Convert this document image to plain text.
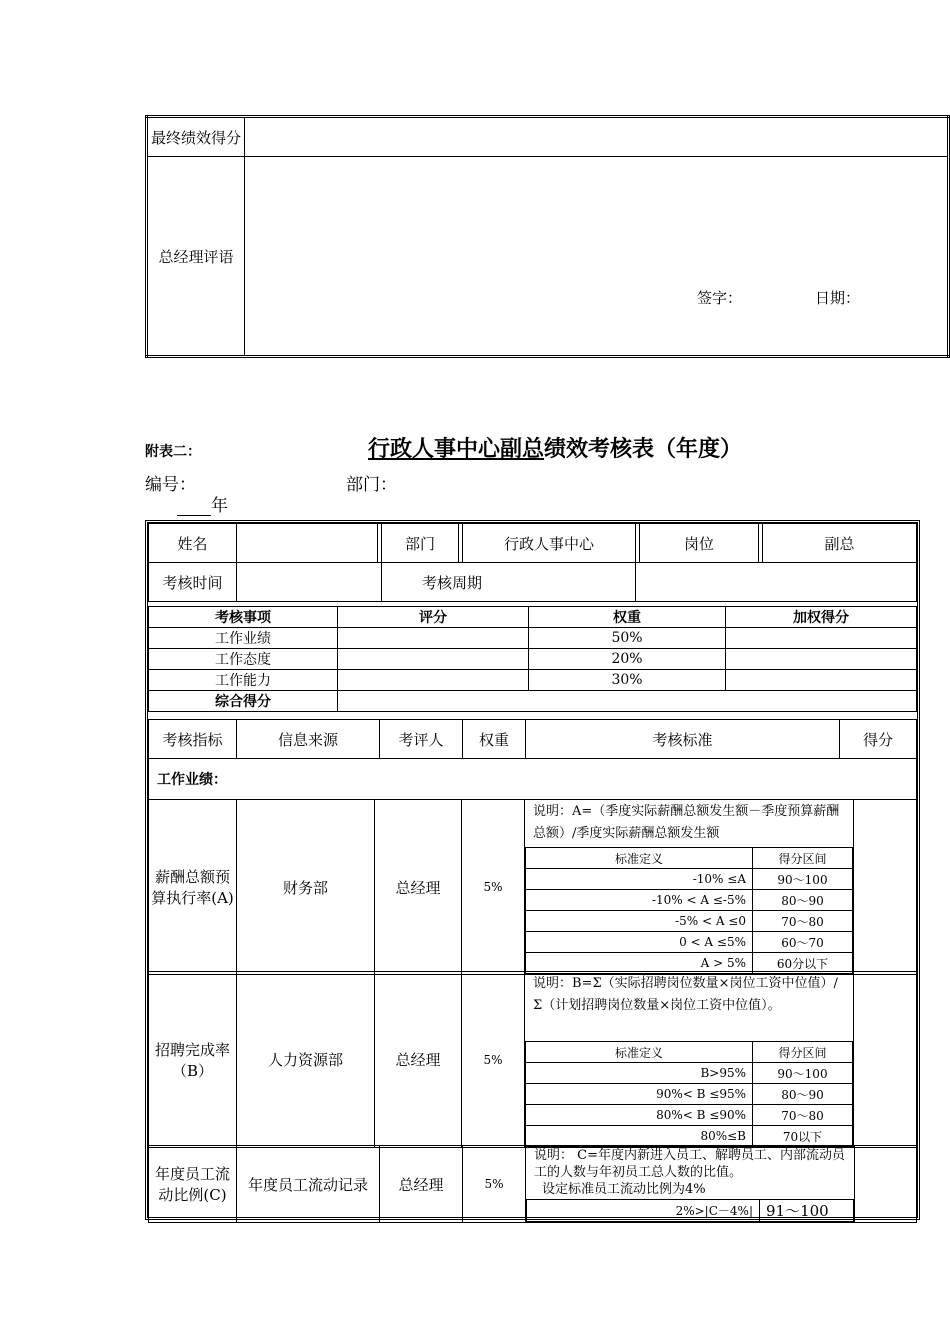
最终绩效得分	
总经理评语	签字： 日期：
附表二：	行政人事中心副总绩效考核表（年度）
编号：	部门：
年
姓名			部门		行政人事中心		岗位		副总
考核时间			考核周期						
考核事项	评分	权重	加权得分
工作业绩		50%	
工作态度		20%	
工作能力		30%	
综合得分			
考核指标	信息来源	考评人	权重	考核标准	得分
工作业绩：
薪酬总额预算执行率(A)	财务部	总经理	5%	
说明：A=（季度实际薪酬总额发生额－季度预算薪酬总额）/季度实际薪酬总额发生额
标准定义	得分区间
-10% ≤A	90～100
-10% < A ≤-5%	80～90
-5% < A ≤0	70～80
0 < A ≤5%	60～70
A > 5%	60分以下

招聘完成率（B）	人力资源部	总经理	5%	
说明：B=Σ（实际招聘岗位数量×岗位工资中位值）/Σ（计划招聘岗位数量×岗位工资中位值）。
标准定义	得分区间
B>95%	90～100
90%< B ≤95%	80～90
80%< B ≤90%	70～80
80%≤B	70以下

年度员工流动比例(C)	年度员工流动记录	总经理	5%	
说明： C=年度内新进入员工、解聘员工、内部流动员工的人数与年初员工总人数的比值。
设定标准员工流动比例为4%
2%>|C－4%|	91～100
